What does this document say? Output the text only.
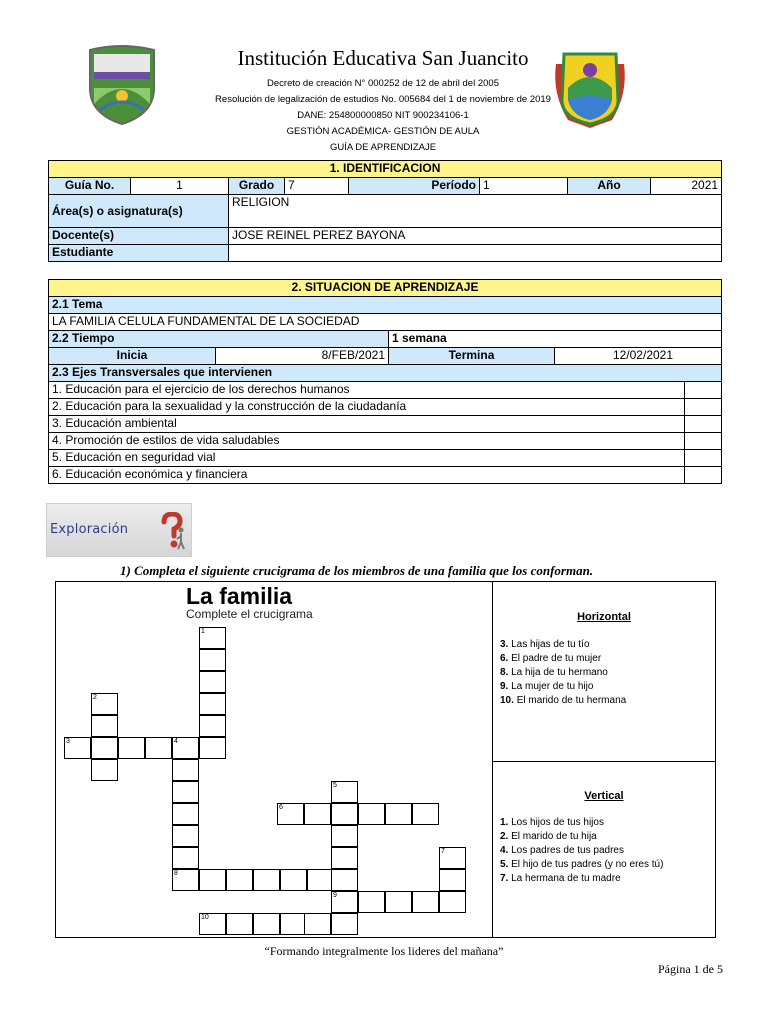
Institución Educativa San Juancito
Decreto de creación N° 000252 de 12 de abril del 2005
Resolución de legalización de estudios No. 005684 del 1 de noviembre de 2019
DANE: 254800000850 NIT 900234106-1
GESTIÓN ACADÉMICA- GESTIÓN DE AULA
GUÍA DE APRENDIZAJE
1. IDENTIFICACION							
Guía No.	1	Grado	7	Período	1	Año	2021
Área(s) o asignatura(s)		RELIGION					
Docente(s)		JOSE REINEL PEREZ BAYONA					
Estudiante							
2. SITUACION DE APRENDIZAJE				
2.1 Tema				
LA FAMILIA CELULA FUNDAMENTAL DE LA SOCIEDAD				
2.2 Tiempo		1 semana		
Inicia	8/FEB/2021	Termina	12/02/2021	
2.3 Ejes Transversales que intervienen				
1. Educación para el ejercicio de los derechos humanos				
2. Educación para la sexualidad y la construcción de la ciudadanía				
3. Educación ambiental				
4. Promoción de estilos de vida saludables				
5. Educación en seguridad vial				
6. Educación económica y financiera				
Exploración
1) Completa el siguiente crucigrama de los miembros de una familia que los conforman.
La familia
Complete el crucigrama
1
2
3	4
8
5
9
6
7
10
Horizontal
3. Las hijas de tu tío
6. El padre de tu mujer
8. La hija de tu hermano
9. La mujer de tu hijo
10. El marido de tu hermana
Vertical
1. Los hijos de tus hijos
2. El marido de tu hija
4. Los padres de tus padres
5. El hijo de tus padres (y no eres tú)
7. La hermana de tu madre
“Formando integralmente los lideres del mañana”
Página 1 de 5
